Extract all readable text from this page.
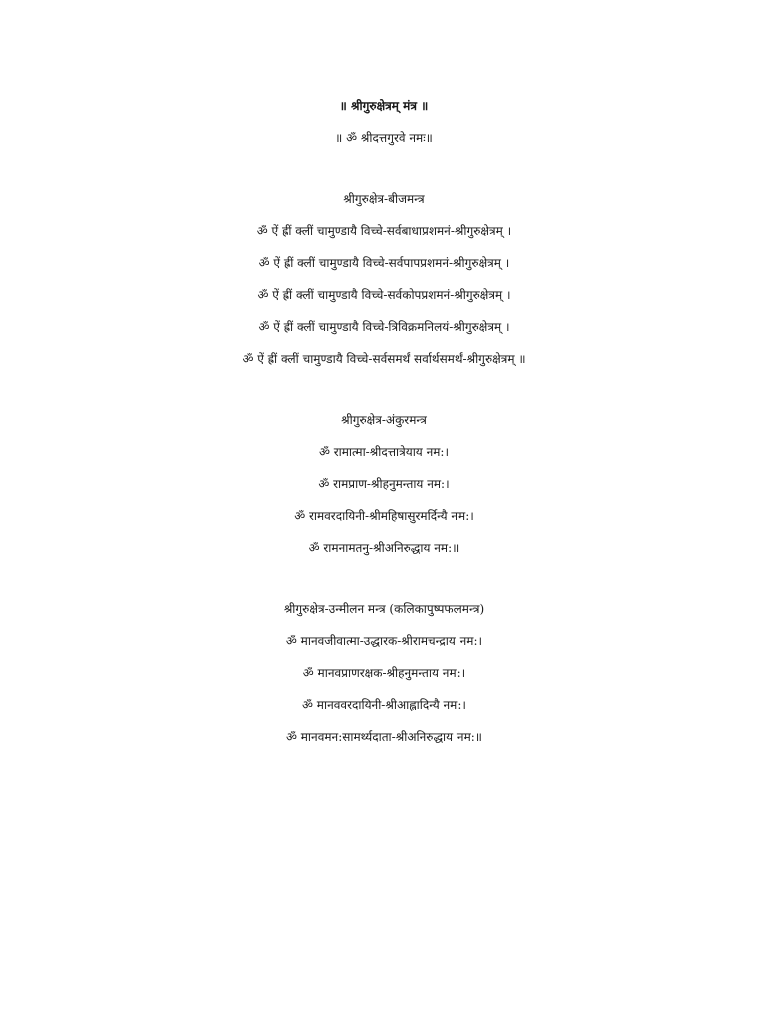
॥ श्रीगुरुक्षेत्रम् मंत्र ॥
॥ ॐ श्रीदत्तगुरवे नमः॥
श्रीगुरुक्षेत्र-बीजमन्त्र
ॐ ऐं ह्रीं क्लीं चामुण्डायै विच्चे-सर्वबाधाप्रशमनं-श्रीगुरुक्षेत्रम् ।
ॐ ऐं ह्रीं क्लीं चामुण्डायै विच्चे-सर्वपापप्रशमनं-श्रीगुरुक्षेत्रम् ।
ॐ ऐं ह्रीं क्लीं चामुण्डायै विच्चे-सर्वकोपप्रशमनं-श्रीगुरुक्षेत्रम् ।
ॐ ऐं ह्रीं क्लीं चामुण्डायै विच्चे-त्रिविक्रमनिलयं-श्रीगुरुक्षेत्रम् ।
ॐ ऐं ह्रीं क्लीं चामुण्डायै विच्चे-सर्वसमर्थं सर्वार्थसमर्थं-श्रीगुरुक्षेत्रम् ॥
श्रीगुरुक्षेत्र-अंकुरमन्त्र
ॐ रामात्मा-श्रीदत्तात्रेयाय नम:।
ॐ रामप्राण-श्रीहनुमन्ताय नम:।
ॐ रामवरदायिनी-श्रीमहिषासुरमर्दिन्यै नम:।
ॐ रामनामतनु-श्रीअनिरुद्धाय नम:॥
श्रीगुरुक्षेत्र-उन्मीलन मन्त्र (कलिकापुष्पफलमन्त्र)
ॐ मानवजीवात्मा-उद्धारक-श्रीरामचन्द्राय नम:।
ॐ मानवप्राणरक्षक-श्रीहनुमन्ताय नम:।
ॐ मानववरदायिनी-श्रीआह्लादिन्यै नम:।
ॐ मानवमन:सामर्थ्यदाता-श्रीअनिरुद्धाय नम:॥
